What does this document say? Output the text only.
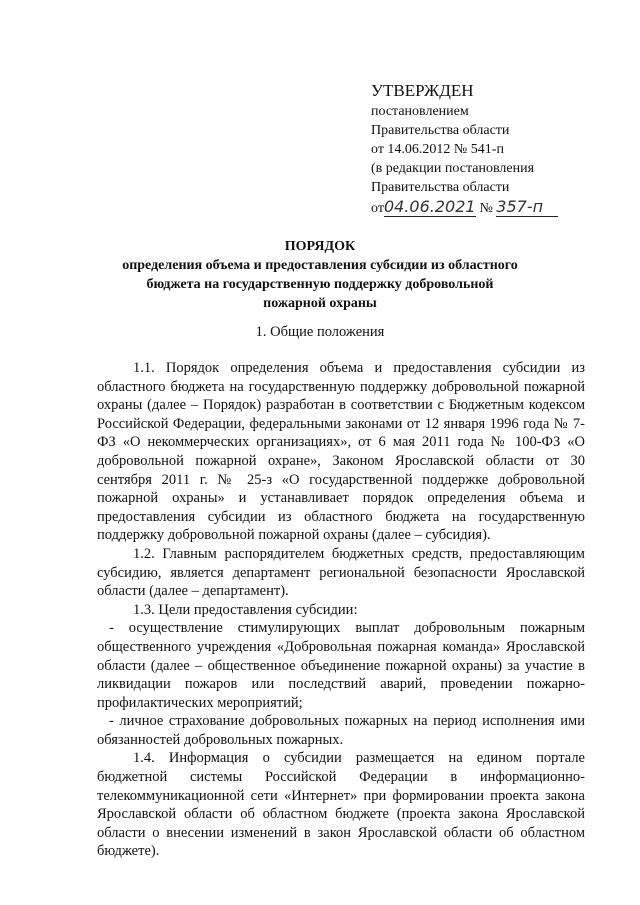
УТВЕРЖДЕН
постановлением
Правительства области
от 14.06.2012 № 541-п
(в редакции постановления
Правительства области
от04.06.2021 № 357-п
ПОРЯДОК
определения объема и предоставления субсидии из областного бюджета на государственную поддержку добровольной пожарной охраны
1. Общие положения

1.1. Порядок определения объема и предоставления субсидии из областного бюджета на государственную поддержку добровольной пожарной охраны (далее – Порядок) разработан в соответствии с Бюджетным кодексом Российской Федерации, федеральными законами от 12 января 1996 года № 7-ФЗ «О некоммерческих организациях», от 6 мая 2011 года № 100-ФЗ «О добровольной пожарной охране», Законом Ярославской области от 30 сентября 2011 г. № 25-з «О государственной поддержке добровольной пожарной охраны» и устанавливает порядок определения объема и предоставления субсидии из областного бюджета на государственную поддержку добровольной пожарной охраны (далее – субсидия).

1.2. Главным распорядителем бюджетных средств, предоставляющим субсидию, является департамент региональной безопасности Ярославской области (далее – департамент).

1.3. Цели предоставления субсидии:

- осуществление стимулирующих выплат добровольным пожарным общественного учреждения «Добровольная пожарная команда» Ярославской области (далее – общественное объединение пожарной охраны) за участие в ликвидации пожаров или последствий аварий, проведении пожарно-профилактических мероприятий;

- личное страхование добровольных пожарных на период исполнения ими обязанностей добровольных пожарных.

1.4. Информация о субсидии размещается на едином портале бюджетной системы Российской Федерации в информационно-телекоммуникационной сети «Интернет» при формировании проекта закона Ярославской области об областном бюджете (проекта закона Ярославской области о внесении изменений в закон Ярославской области об областном бюджете).
